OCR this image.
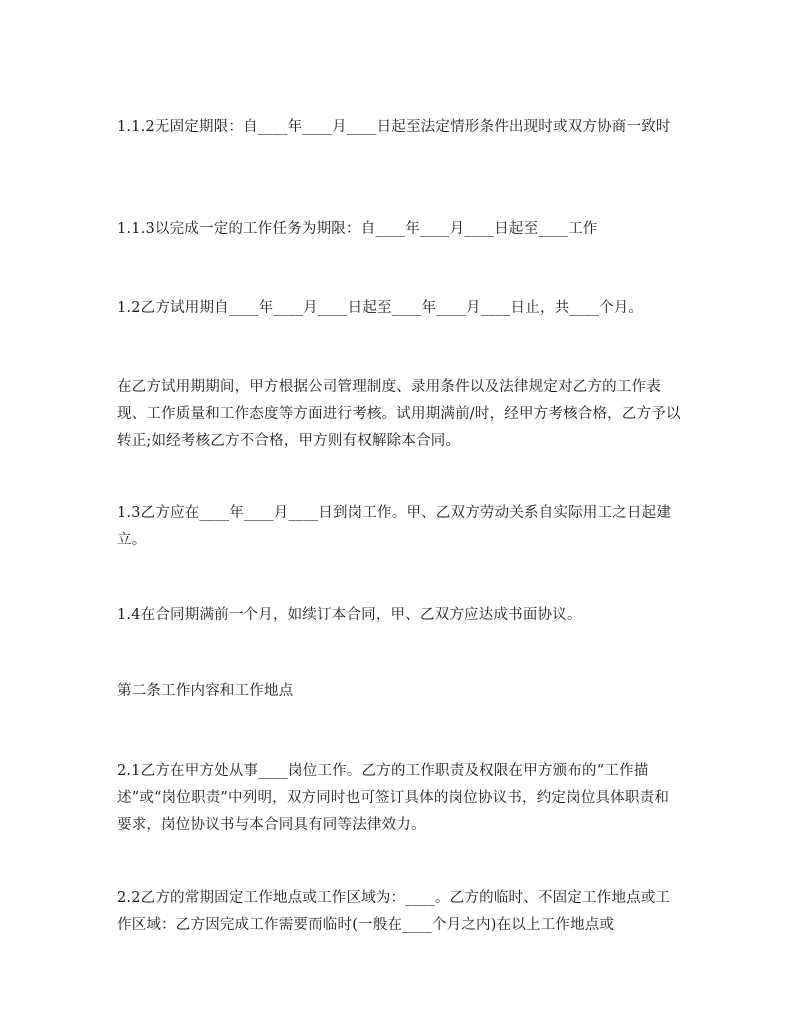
1.1.2无固定期限：自____年____月____日起至法定情形条件出现时或双方协商一致时

1.1.3以完成一定的工作任务为期限：自____年____月____日起至____工作

1.2乙方试用期自____年____月____日起至____年____月____日止，共____个月。

在乙方试用期期间，甲方根据公司管理制度、录用条件以及法律规定对乙方的工作表现、工作质量和工作态度等方面进行考核。试用期满前/时，经甲方考核合格，乙方予以转正;如经考核乙方不合格，甲方则有权解除本合同。

1.3乙方应在____年____月____日到岗工作。甲、乙双方劳动关系自实际用工之日起建立。

1.4在合同期满前一个月，如续订本合同，甲、乙双方应达成书面协议。

第二条工作内容和工作地点

2.1乙方在甲方处从事____岗位工作。乙方的工作职责及权限在甲方颁布的“工作描述”或“岗位职责”中列明，双方同时也可签订具体的岗位协议书，约定岗位具体职责和要求，岗位协议书与本合同具有同等法律效力。

2.2乙方的常期固定工作地点或工作区域为：____。乙方的临时、不固定工作地点或工作区域：乙方因完成工作需要而临时(一般在____个月之内)在以上工作地点或
